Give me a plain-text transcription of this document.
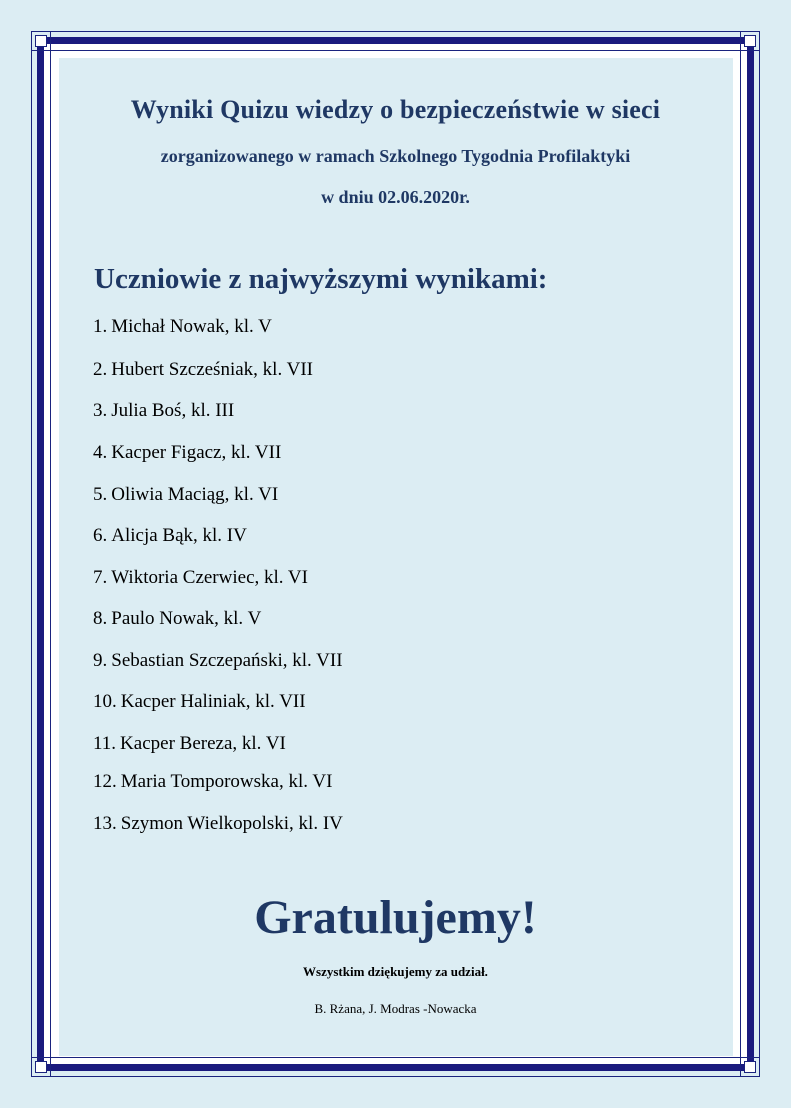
Wyniki Quizu wiedzy o bezpieczeństwie w sieci
zorganizowanego w ramach Szkolnego Tygodnia Profilaktyki
w dniu 02.06.2020r.
Uczniowie z najwyższymi wynikami:
1. Michał Nowak, kl. V
2. Hubert Szcześniak, kl. VII
3. Julia Boś, kl. III
4. Kacper Figacz, kl. VII
5. Oliwia Maciąg, kl. VI
6. Alicja Bąk, kl. IV
7. Wiktoria Czerwiec, kl. VI
8. Paulo Nowak, kl. V
9. Sebastian Szczepański, kl. VII
10. Kacper Haliniak, kl. VII
11. Kacper Bereza, kl. VI
12. Maria Tomporowska, kl. VI
13. Szymon Wielkopolski, kl. IV
Gratulujemy!
Wszystkim dziękujemy za udział.
B. Rżana, J. Modras -Nowacka
